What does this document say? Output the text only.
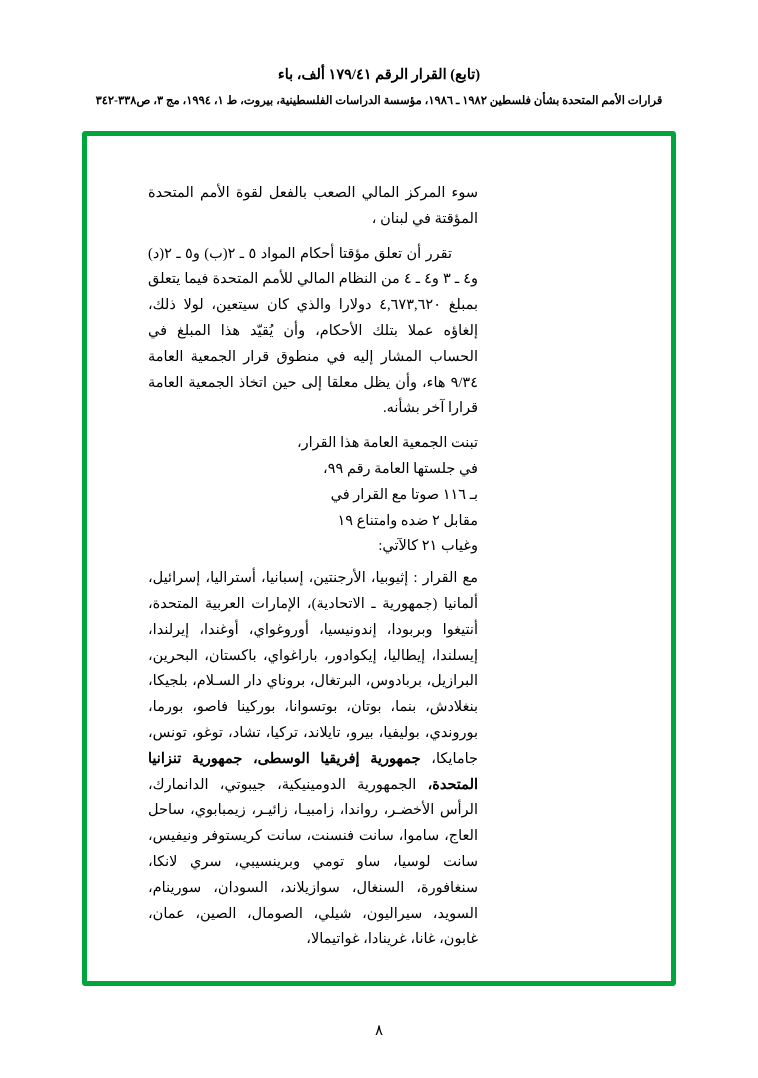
(تابع) القرار الرقم ١٧٩/٤١ ألف، باء
قرارات الأمم المتحدة بشأن فلسطين ١٩٨٢ ـ ١٩٨٦، مؤسسة الدراسات الفلسطينية، بيروت، ط ١، ١٩٩٤، مج ٣، ص٣٣٨-٣٤٢

سوء المركز المالي الصعب بالفعل لقوة الأمم المتحدة المؤقتة في لبنان ،

تقرر أن تعلق مؤقتا أحكام المواد ٥ ـ ٢(ب) و٥ ـ ٢(د) و٤ ـ ٣ و٤ ـ ٤ من النظام المالي للأمم المتحدة فيما يتعلق بمبلغ ٤,٦٧٣,٦٢٠ دولارا والذي كان سيتعين، لولا ذلك، إلغاؤه عملا بتلك الأحكام، وأن يُقيّد هذا المبلغ في الحساب المشار إليه في منطوق قرار الجمعية العامة ٩/٣٤ هاء، وأن يظل معلقا إلى حين اتخاذ الجمعية العامة قرارا آخر بشأنه.

تبنت الجمعية العامة هذا القرار،

في جلستها العامة رقم ٩٩،

بـ ١١٦ صوتا مع القرار في

مقابل ٢ ضده وامتناع ١٩

وغياب ٢١ كالآتي:

مع القرار : إثيوبيا، الأرجنتين، إسبانيا، أستراليا، إسرائيل، ألمانيا (جمهورية ـ الاتحادية)، الإمارات العربية المتحدة، أنتيغوا وبربودا، إندونيسيا، أوروغواي، أوغندا، إيرلندا، إيسلندا، إيطاليا، إيكوادور، باراغواي، باكستان، البحرين، البرازيل، بربادوس، البرتغال، بروناي دار السـلام، بلجيكا، بنغلادش، بنما، بوتان، بوتسوانا، بوركينا فاصو، بورما، بوروندي، بوليفيا، بيرو، تايلاند، تركيا، تشاد، توغو، تونس، جامايكا، جمهورية إفريقيا الوسطى، جمهورية تنزانيا المتحدة، الجمهورية الدومينيكية، جيبوتي، الدانمارك، الرأس الأخضـر، رواندا، زامبيـا، زائيـر، زيمبابوي، ساحل العاج، ساموا، سانت فنسنت، سانت كريستوفر ونيفيس، سانت لوسيا، ساو تومي وبرينسيبي، سري لانكا، سنغافورة، السنغال، سوازيلاند، السودان، سورينام، السويد، سيراليون، شيلي، الصومال، الصين، عمان، غابون، غانا، غرينادا، غواتيمالا،

٨
